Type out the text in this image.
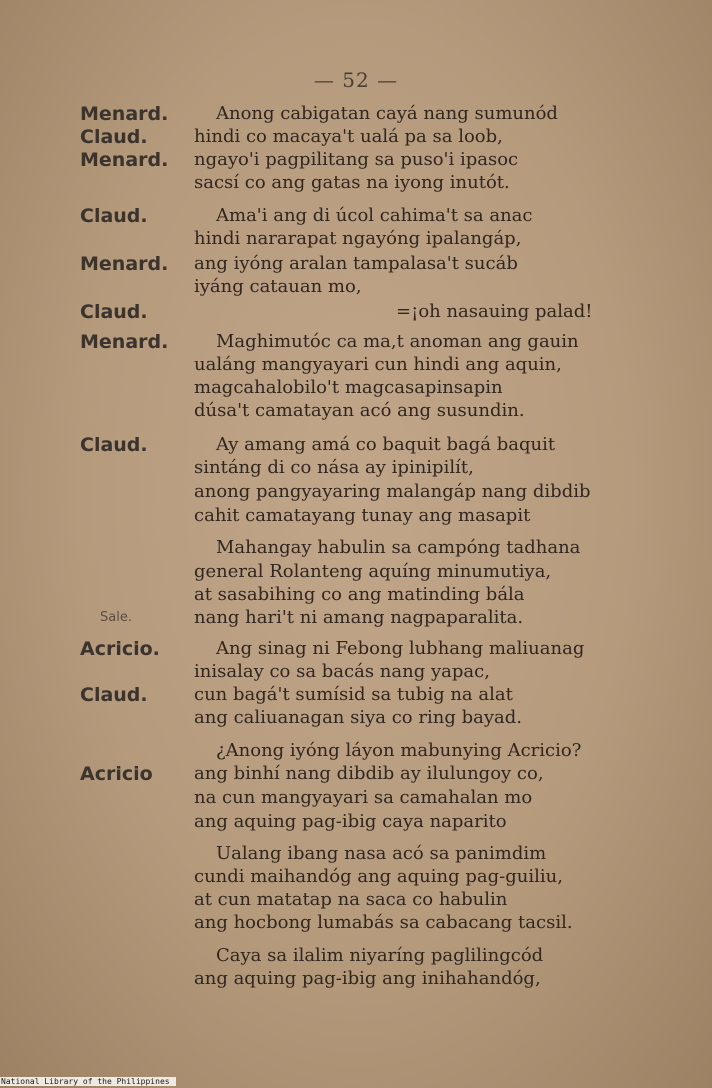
— 52 —
Menard.
Claud.
Menard.
Claud.
Menard.
Claud.
Menard.
Claud.
Sale.
Acricio.
Claud.
Acricio
Anong cabigatan cayá nang sumunód
hindi co macaya't ualá pa sa loob,
ngayo'i pagpilitang sa puso'i ipasoc
sacsí co ang gatas na iyong inutót.
Ama'i ang di úcol cahima't sa anac
hindi nararapat ngayóng ipalangáp,
ang iyóng aralan tampalasa't sucáb
iyáng catauan mo,
=¡oh nasauing palad!
Maghimutóc ca ma,t anoman ang gauin
ualáng mangyayari cun hindi ang aquin,
magcahalobilo't magcasapinsapin
dúsa't camatayan acó ang susundin.
Ay amang amá co baquit bagá baquit
sintáng di co nása ay ipinipilít,
anong pangyayaring malangáp nang dibdib
cahit camatayang tunay ang masapit
Mahangay habulin sa campóng tadhana
general Rolanteng aquíng minumutiya,
at sasabihing co ang matinding bála
nang hari't ni amang nagpaparalita.
Ang sinag ni Febong lubhang maliuanag
inisalay co sa bacás nang yapac,
cun bagá't sumísid sa tubig na alat
ang caliuanagan siya co ring bayad.
¿Anong iyóng láyon mabunying Acricio?
ang binhí nang dibdib ay ilulungoy co,
na cun mangyayari sa camahalan mo
ang aquing pag-ibig caya naparito
Ualang ibang nasa acó sa panimdim
cundi maihandóg ang aquing pag-guiliu,
at cun matatap na saca co habulin
ang hocbong lumabás sa cabacang tacsil.
Caya sa ilalim niyaríng paglilingcód
ang aquing pag-ibig ang inihahandóg,
National Library of the Philippines
